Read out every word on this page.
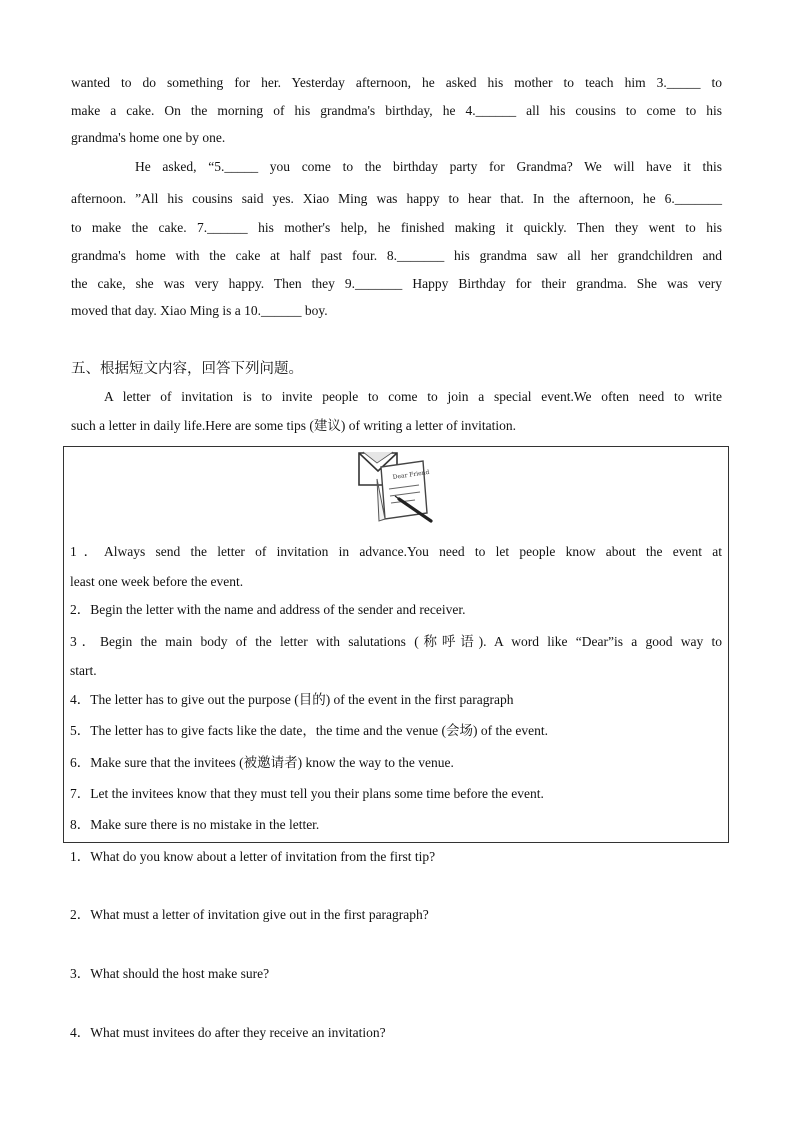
wanted to do something for her. Yesterday afternoon, he asked his mother to teach him 3._____ to
make a cake. On the morning of his grandma's birthday, he 4.______ all his cousins to come to his
grandma's home one by one.
He asked, “5._____ you come to the birthday party for Grandma? We will have it this
afternoon. ”All his cousins said yes. Xiao Ming was happy to hear that. In the afternoon, he 6._______
to make the cake. 7.______ his mother's help, he finished making it quickly. Then they went to his
grandma's home with the cake at half past four. 8._______ his grandma saw all her grandchildren and
the cake, she was very happy. Then they 9._______ Happy Birthday for their grandma. She was very
moved that day. Xiao Ming is a 10.______ boy.
五、根据短文内容，回答下列问题。
A letter of invitation is to invite people to come to join a special event.We often need to write
such a letter in daily life.Here are some tips (建议) of writing a letter of invitation.
Dear Friend
1．Always send the letter of invitation in advance.You need to let people know about the event at
least one week before the event.
2．Begin the letter with the name and address of the sender and receiver.
3．Begin the main body of the letter with salutations (称呼语). A word like “Dear”is a good way to
start.
4．The letter has to give out the purpose (目的) of the event in the first paragraph
5．The letter has to give facts like the date，the time and the venue (会场) of the event.
6．Make sure that the invitees (被邀请者) know the way to the venue.
7．Let the invitees know that they must tell you their plans some time before the event.
8．Make sure there is no mistake in the letter.
1．What do you know about a letter of invitation from the first tip?
2．What must a letter of invitation give out in the first paragraph?
3．What should the host make sure?
4．What must invitees do after they receive an invitation?
